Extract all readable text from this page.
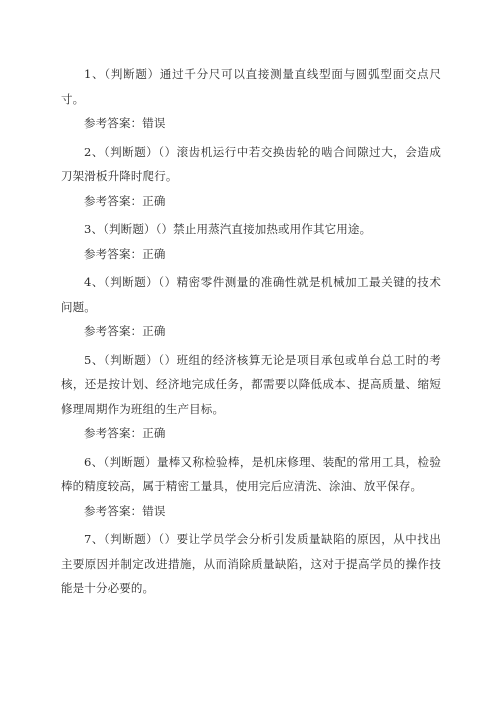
1、（判断题）通过千分尺可以直接测量直线型面与圆弧型面交点尺寸。

参考答案：错误

2、（判断题）（）滚齿机运行中若交换齿轮的啮合间隙过大，会造成刀架滑板升降时爬行。

参考答案：正确

3、（判断题）（）禁止用蒸汽直接加热或用作其它用途。

参考答案：正确

4、（判断题）（）精密零件测量的准确性就是机械加工最关键的技术问题。

参考答案：正确

5、（判断题）（）班组的经济核算无论是项目承包或单台总工时的考核，还是按计划、经济地完成任务，都需要以降低成本、提高质量、缩短修理周期作为班组的生产目标。

参考答案：正确

6、（判断题）量棒又称检验棒，是机床修理、装配的常用工具，检验棒的精度较高，属于精密工量具，使用完后应清洗、涂油、放平保存。

参考答案：错误

7、（判断题）（）要让学员学会分析引发质量缺陷的原因，从中找出主要原因并制定改进措施，从而消除质量缺陷，这对于提高学员的操作技能是十分必要的。
